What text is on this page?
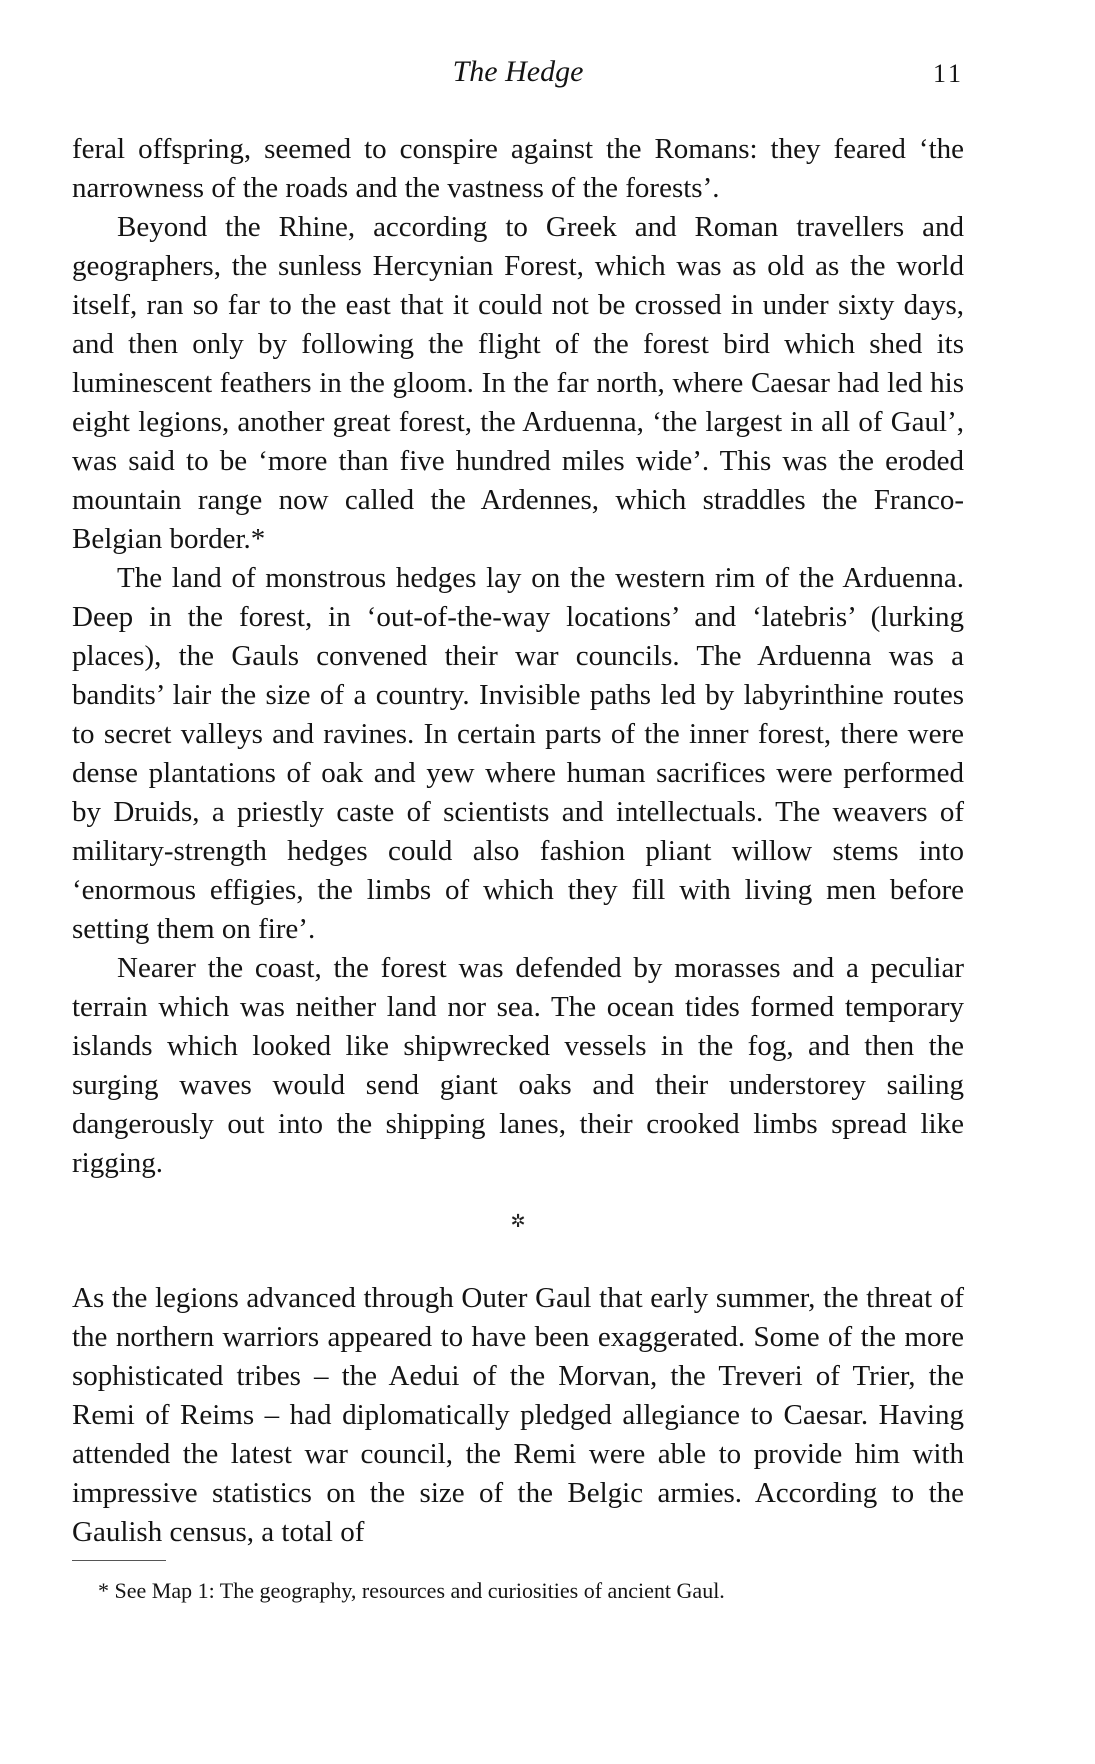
The Hedge	11

feral offspring, seemed to conspire against the Romans: they feared ‘the narrowness of the roads and the vastness of the forests’.

Beyond the Rhine, according to Greek and Roman travellers and geographers, the sunless Hercynian Forest, which was as old as the world itself, ran so far to the east that it could not be crossed in under sixty days, and then only by following the flight of the forest bird which shed its luminescent feathers in the gloom. In the far north, where Caesar had led his eight legions, another great forest, the Arduenna, ‘the largest in all of Gaul’, was said to be ‘more than five hundred miles wide’. This was the eroded mountain range now called the Ardennes, which straddles the Franco-Belgian border.*

The land of monstrous hedges lay on the western rim of the Arduenna. Deep in the forest, in ‘out-of-the-way locations’ and ‘latebris’ (lurking places), the Gauls convened their war councils. The Arduenna was a bandits’ lair the size of a country. Invisible paths led by labyrinthine routes to secret valleys and ravines. In certain parts of the inner forest, there were dense plantations of oak and yew where human sacrifices were performed by Druids, a priestly caste of scientists and intellectuals. The weavers of military-strength hedges could also fashion pliant willow stems into ‘enormous effigies, the limbs of which they fill with living men before setting them on fire’.

Nearer the coast, the forest was defended by morasses and a peculiar terrain which was neither land nor sea. The ocean tides formed temporary islands which looked like shipwrecked vessels in the fog, and then the surging waves would send giant oaks and their understorey sailing dangerously out into the shipping lanes, their crooked limbs spread like rigging.

✲

As the legions advanced through Outer Gaul that early summer, the threat of the northern warriors appeared to have been exaggerated. Some of the more sophisticated tribes – the Aedui of the Morvan, the Treveri of Trier, the Remi of Reims – had diplomatically pledged allegiance to Caesar. Having attended the latest war council, the Remi were able to provide him with impressive statistics on the size of the Belgic armies. According to the Gaulish census, a total of

* See Map 1: The geography, resources and curiosities of ancient Gaul.
